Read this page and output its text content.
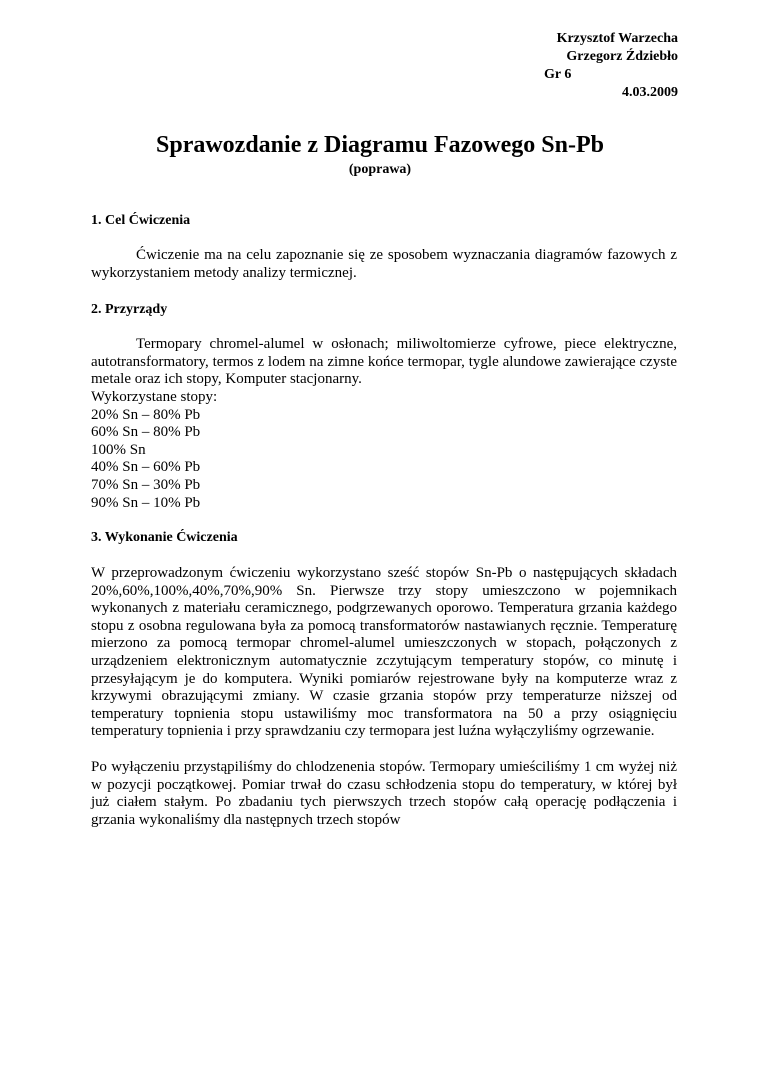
Krzysztof Warzecha
Grzegorz Ździebło
Gr 6
4.03.2009
Sprawozdanie z Diagramu Fazowego Sn-Pb
(poprawa)
1. Cel Ćwiczenia
Ćwiczenie ma na celu zapoznanie się ze sposobem wyznaczania diagramów fazowych z wykorzystaniem metody analizy termicznej.
2. Przyrządy
Termopary chromel-alumel w osłonach; miliwoltomierze cyfrowe, piece elektryczne, autotransformatory, termos z lodem na zimne końce termopar, tygle alundowe zawierające czyste metale oraz ich stopy, Komputer stacjonarny.
Wykorzystane stopy:
20% Sn – 80% Pb
60% Sn – 80% Pb
100% Sn
40% Sn – 60% Pb
70% Sn – 30% Pb
90% Sn – 10% Pb
3. Wykonanie Ćwiczenia
W przeprowadzonym ćwiczeniu wykorzystano sześć stopów Sn-Pb o następujących składach 20%,60%,100%,40%,70%,90% Sn. Pierwsze trzy stopy umieszczono w pojemnikach wykonanych z materiału ceramicznego, podgrzewanych oporowo. Temperatura grzania każdego stopu z osobna regulowana była za pomocą transformatorów nastawianych ręcznie. Temperaturę mierzono za pomocą termopar chromel-alumel umieszczonych w stopach, połączonych z urządzeniem elektronicznym automatycznie zczytującym temperatury stopów, co minutę i przesyłającym je do komputera. Wyniki pomiarów rejestrowane były na komputerze wraz z krzywymi obrazującymi zmiany. W czasie grzania stopów przy temperaturze niższej od temperatury topnienia stopu ustawiliśmy moc transformatora na 50 a przy osiągnięciu temperatury topnienia i przy sprawdzaniu czy termopara jest luźna wyłączyliśmy ogrzewanie.
Po wyłączeniu przystąpiliśmy do chlodzenenia stopów. Termopary umieściliśmy 1 cm wyżej niż w pozycji początkowej. Pomiar trwał do czasu schłodzenia stopu do temperatury, w której był już ciałem stałym. Po zbadaniu tych pierwszych trzech stopów całą operację podłączenia i grzania wykonaliśmy dla następnych trzech stopów
